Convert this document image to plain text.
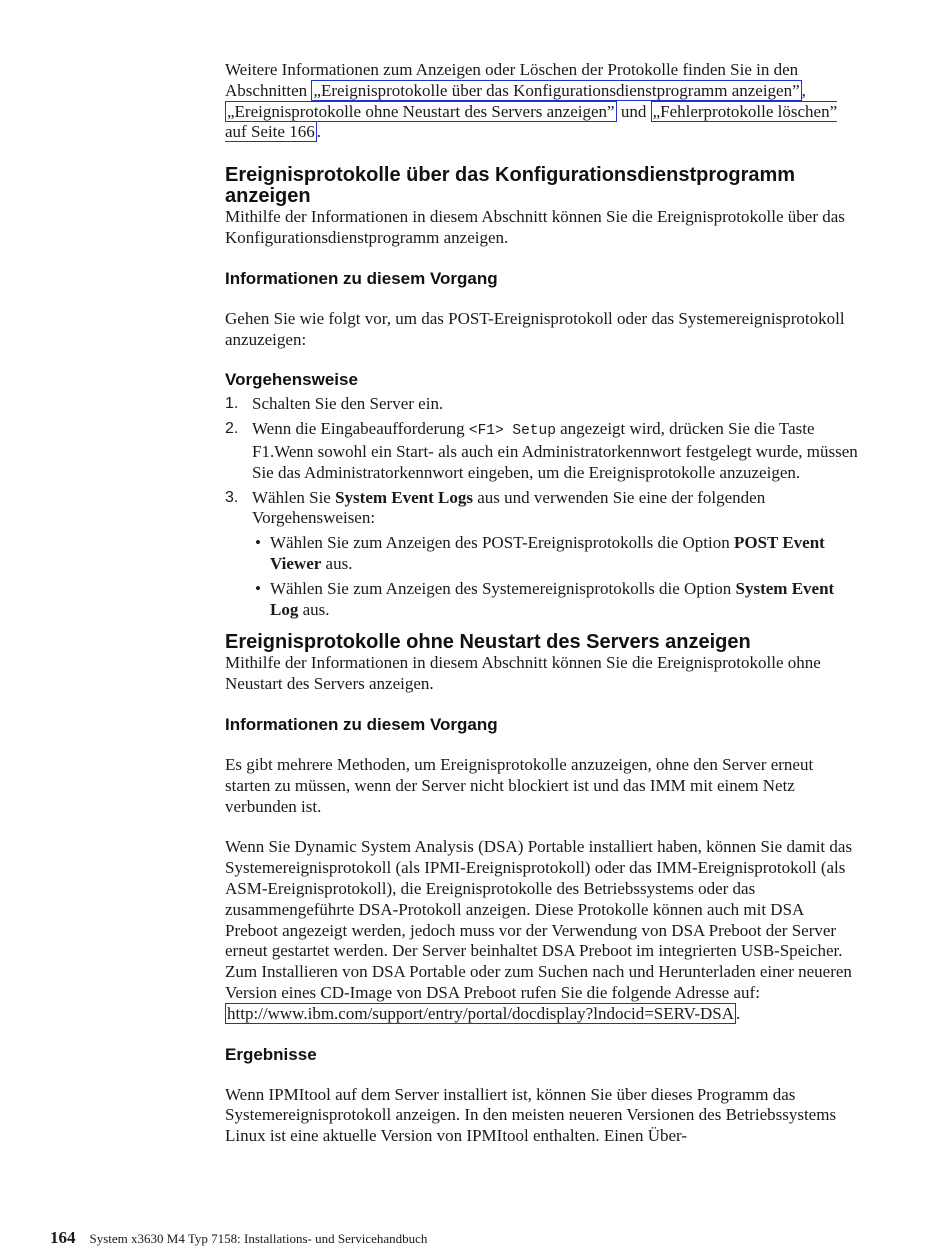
Weitere Informationen zum Anzeigen oder Löschen der Protokolle finden Sie in den Abschnitten „Ereignisprotokolle über das Konfigurationsdienstprogramm anzeigen” , „Ereignisprotokolle ohne Neustart des Servers anzeigen” und „Fehlerprotokolle löschen” auf Seite 166 .

Ereignisprotokolle über das Konfigurationsdienstprogramm anzeigen

Mithilfe der Informationen in diesem Abschnitt können Sie die Ereignisprotokolle über das Konfigurationsdienstprogramm anzeigen.

Informationen zu diesem Vorgang

Gehen Sie wie folgt vor, um das POST-Ereignisprotokoll oder das Systemereignisprotokoll anzuzeigen:

Vorgehensweise
1. Schalten Sie den Server ein.
2. Wenn die Eingabeaufforderung <F1> Setup angezeigt wird, drücken Sie die Taste F1.Wenn sowohl ein Start- als auch ein Administratorkennwort festgelegt wurde, müssen Sie das Administratorkennwort eingeben, um die Ereignisprotokolle anzuzeigen.
3. Wählen Sie System Event Logs aus und verwenden Sie eine der folgenden Vorgehensweisen:
• Wählen Sie zum Anzeigen des POST-Ereignisprotokolls die Option POST Event Viewer aus.
• Wählen Sie zum Anzeigen des Systemereignisprotokolls die Option System Event Log aus.
Ereignisprotokolle ohne Neustart des Servers anzeigen

Mithilfe der Informationen in diesem Abschnitt können Sie die Ereignisprotokolle ohne Neustart des Servers anzeigen.

Informationen zu diesem Vorgang

Es gibt mehrere Methoden, um Ereignisprotokolle anzuzeigen, ohne den Server erneut starten zu müssen, wenn der Server nicht blockiert ist und das IMM mit einem Netz verbunden ist.

Wenn Sie Dynamic System Analysis (DSA) Portable installiert haben, können Sie damit das Systemereignisprotokoll (als IPMI-Ereignisprotokoll) oder das IMM-Ereignisprotokoll (als ASM-Ereignisprotokoll), die Ereignisprotokolle des Betriebssystems oder das zusammengeführte DSA-Protokoll anzeigen. Diese Protokolle können auch mit DSA Preboot angezeigt werden, jedoch muss vor der Verwendung von DSA Preboot der Server erneut gestartet werden. Der Server beinhaltet DSA Preboot im integrierten USB-Speicher. Zum Installieren von DSA Portable oder zum Suchen nach und Herunterladen einer neueren Version eines CD-Image von DSA Preboot rufen Sie die folgende Adresse auf: http://www.ibm.com/support/entry/portal/docdisplay?lndocid=SERV-DSA .

Ergebnisse

Wenn IPMItool auf dem Server installiert ist, können Sie über dieses Programm das Systemereignisprotokoll anzeigen. In den meisten neueren Versionen des Betriebssystems Linux ist eine aktuelle Version von IPMItool enthalten. Einen Über-

164 System x3630 M4 Typ 7158: Installations- und Servicehandbuch
